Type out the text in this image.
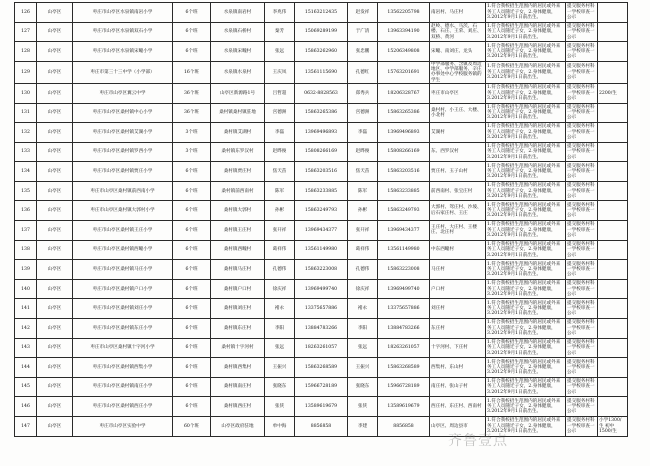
126	山亭区	枣庄市山亭区水泉镇南岩小学	6个班	水泉镇南岩村	李兆伟	15163212435	赵发祥	13562205798	南岩村、马庄村	1.符合我校招生范围内的居民或外来务工人员随迁子女，2.身体健康，3.2012年9月1日前出生。	提交服务村科一学校审查一公示	
127	山亭区	枣庄市山亭区水泉镇双石小学	6个班	水泉镇石桥村	秦芳	15069289199	于广清	13963394190	赵岭、德水、马茨、石楼、石庄、王荣、刘庄、双桥、黄河	1.符合我校招生范围内的居民或外来务工人员随迁子女，2.身体健康，3.2012年9月1日前出生。	提交服务村科一学校审查一公示	
128	山亭区	枣庄市山亭区水泉镇宋疃小学	6个班	水泉镇宋疃村	张远	15863262960	张忠鹏	15206349808	宋疃、南刘庄、龙头	1.符合我校招生范围内的居民或外来务工人员随迁子女，2.身体健康，3.2012年9月1日前出生。	提交服务村科一学校审查一公示	
129	山亭区	枣庄市第三十三中学（小学部）	16个班	水泉镇水泉村	王庆凤	13561115690	孔德红	15763201691	中学部服务、含镇及周边地区、中学部服务、辛庄办事处中心学校服务镇的学生	1.符合我校招生范围内的居民或外来务工人员随迁子女，2.身体健康，3.2012年9月1日前出生。	提交服务村科一学校审查一公示	
130	山亭区	枣庄市山亭区翼云中学	36个班	山亭区新源路1号	吕哲超	0632-8828563	郑秀兵	18206328767	枣庄市山亭区	1.符合我校招生范围内的居民或外来务工人员随迁子女，2.身体健康，3.2012年9月1日前出生。	提交服务村科一学校审查一公示	2200/生
131	山亭区	枣庄市山亭区桑村镇中心小学	36个班	桑村镇桑村镇驻地	宫德洲	15863265386	宫德洲	15863265386	桑村村、小王庄、大楼、小北村	1.符合我校招生范围内的居民或外来务工人员随迁子女，2.身体健康，3.2012年9月1日前出生。	提交服务村科一学校审查一公示	
132	山亭区	枣庄市山亭区桑村镇艾湖小学	3个班	桑村镇艾湖村	李磊	13969496893	李磊	13969496893	艾湖村	1.符合我校招生范围内的居民或外来务工人员随迁子女，2.身体健康，3.2012年9月1日前出生。	提交服务村科一学校审查一公示	
133	山亭区	枣庄市山亭区桑村镇罗西小学	3个班	桑村镇东罗汉村	赵晔俊	15808266169	赵晔俊	15808266169	东、西罗汉村	1.符合我校招生范围内的居民或外来务工人员随迁子女，2.身体健康，3.2012年9月1日前出生。	提交服务村科一学校审查一公示	
134	山亭区	枣庄市山亭区桑村镇贾庄小学	6个班	桑村镇贾庄村	焦天苗	15863203516	焦天苗	15863203516	贾庄村、玉子山村	1.符合我校招生范围内的居民或外来务工人员随迁子女，2.身体健康，3.2012年9月1日前出生。	提交服务村科一学校审查一公示	
135	山亭区	枣庄市山亭区桑村镇前西南小学	6个班	桑村镇前西南村	陈军	15863233885	陈军	15863233885	前西南村、张宝庄村	1.符合我校招生范围内的居民或外来务工人员随迁子女，2.身体健康，3.2012年9月1日前出生。	提交服务村科一学校审查一公示	
136	山亭区	枣庄市山亭区桑村镇大郭村小学	6个班	桑村镇大郭村	孙彬	15863249793	孙彬	15863249793	大郭村、驾庄村、沙坡、后石家庄村、王庄	1.符合我校招生范围内的居民或外来务工人员随迁子女，2.身体健康，3.2012年9月1日前出生。	提交服务村科一学校审查一公示	
137	山亭区	枣庄市山亭区桑村镇王庄小学	6个班	桑村镇王庄村	张开祥	13969434377	张开祥	13969434377	王庄村、大庄村、王楼庄、北庄村	1.符合我校招生范围内的居民或外来务工人员随迁子女，2.身体健康，3.2012年9月1日前出生。	提交服务村科一学校审查一公示	
138	山亭区	枣庄市山亭区桑村镇西疃小学	6个班	桑村镇西疃村	葛祥伟	13561149980	葛祥伟	13561149980	中东西疃村	1.符合我校招生范围内的居民或外来务工人员随迁子女，2.身体健康，3.2012年9月1日前出生。	提交服务村科一学校审查一公示	
139	山亭区	枣庄市山亭区桑村镇马庄小学	6个班	桑村镇马庄村	孔德伟	15863223008	孔德伟	15863223008	马庄村	1.符合我校招生范围内的居民或外来务工人员随迁子女，2.身体健康，3.2012年9月1日前出生。	提交服务村科一学校审查一公示	
140	山亭区	枣庄市山亭区桑村镇户口小学	6个班	桑村镇户口村	徐庆祥	13969499740	徐庆祥	13969499740	户口村	1.符合我校招生范围内的居民或外来务工人员随迁子女，2.身体健康，3.2012年9月1日前出生。	提交服务村科一学校审查一公示	
141	山亭区	枣庄市山亭区桑村镇刘庄小学	6个班	桑村镇刘庄村	褚永	13375657886	褚永	13375657886	刘庄村	1.符合我校招生范围内的居民或外来务工人员随迁子女，2.身体健康，3.2012年9月1日前出生。	提交服务村科一学校审查一公示	
142	山亭区	枣庄市山亭区桑村镇东庄小学	6个班	桑村镇东庄村	李阳	13884783266	李阳	13884783266	东庄村	1.符合我校招生范围内的居民或外来务工人员随迁子女，2.身体健康，3.2012年9月1日前出生。	提交服务村科一学校审查一公示	
143	山亭区	枣庄市山亭区桑村镇十字河小学	6个班	桑村镇十字河村	张远	18263261057	张远	18263261057	十字河村、下庄村	1.符合我校招生范围内的居民或外来务工人员随迁子女，2.身体健康，3.2012年9月1日前出生。	提交服务村科一学校审查一公示	
144	山亭区	枣庄市山亭区桑村镇西集小学	6个班	桑村镇西集村	王振兴	15863268589	王振兴	15863268589	西集村、东山村	1.符合我校招生范围内的居民或外来务工人员随迁子女，2.身体健康，3.2012年9月1日前出生。	提交服务村科一学校审查一公示	
145	山亭区	枣庄市山亭区桑村镇南庄小学	6个班	桑村镇南庄村	张晓东	15966728189	张晓东	15966728189	南庄村、张山子村	1.符合我校招生范围内的居民或外来务工人员随迁子女，2.身体健康，3.2012年9月1日前出生。	提交服务村科一学校审查一公示	
146	山亭区	枣庄市山亭区桑村镇西庄小学	6个班	桑村镇西庄村	张侠	13589619679	张侠	13589619679	西庄村、东庄村、西南村	1.符合我校招生范围内的居民或外来务工人员随迁子女，2.身体健康，3.2012年9月1日前出生。	提交服务村科一学校审查一公示	
147	山亭区	枣庄市山亭区实验中学	60个班	山亭区政府驻地	单中海	8856858	李建	8856858	山亭区、周边县市	1.符合我校招生范围内的居民或外来务工人员随迁子女，2.身体健康，3.2012年9月1日前出生。	提交服务村科一学校审查一公示	小学1300/生 初中1500/生
齐鲁壹点
